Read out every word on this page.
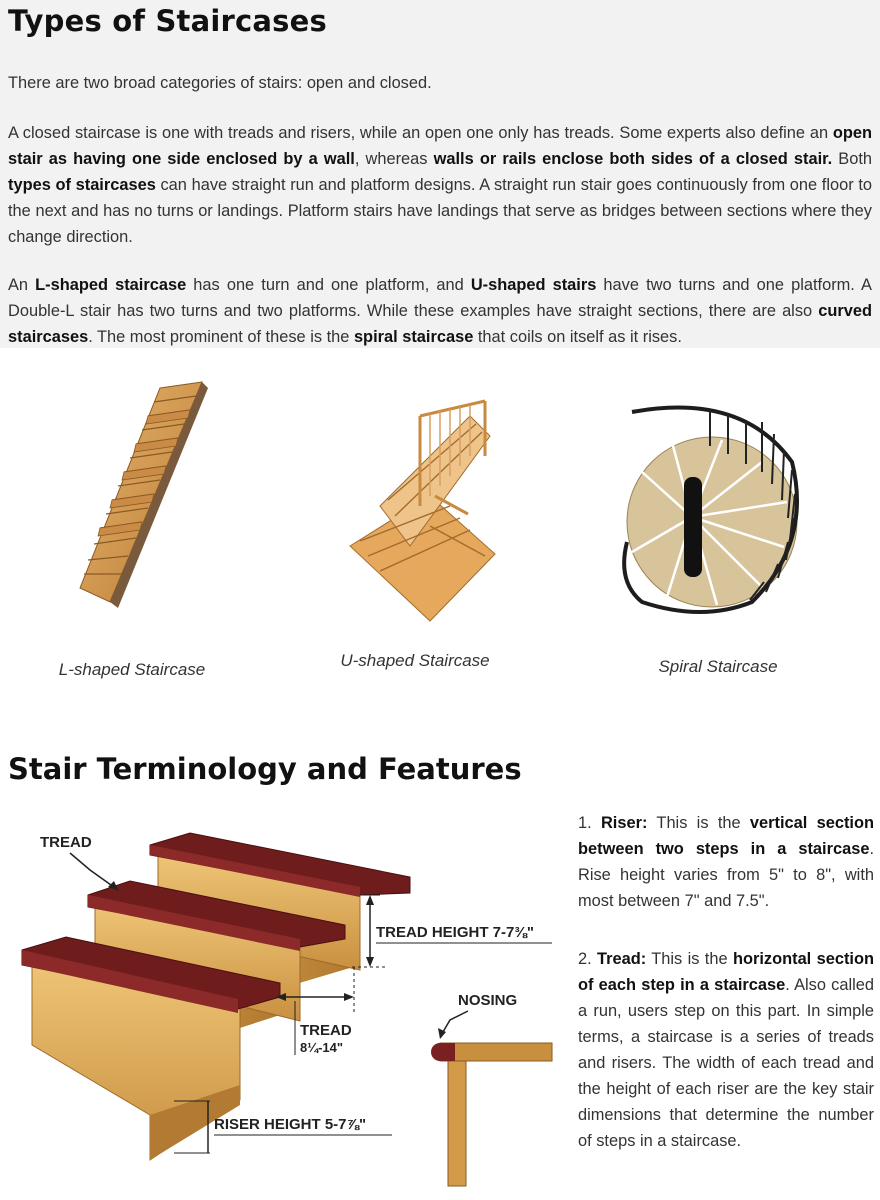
Types of Staircases

There are two broad categories of stairs: open and closed.

A closed staircase is one with treads and risers, while an open one only has treads. Some experts also define an open stair as having one side enclosed by a wall, whereas walls or rails enclose both sides of a closed stair. Both types of staircases can have straight run and platform designs. A straight run stair goes continuously from one floor to the next and has no turns or landings. Platform stairs have landings that serve as bridges between sections where they change direction.

An L-shaped staircase has one turn and one platform, and U-shaped stairs have two turns and one platform. A Double-L stair has two turns and two platforms. While these examples have straight sections, there are also curved staircases. The most prominent of these is the spiral staircase that coils on itself as it rises.

L-shaped Staircase	U-shaped Staircase	Spiral Staircase
Stair Terminology and Features
TREAD
TREAD HEIGHT 7-7⅜"
TREAD
8¼-14"
RISER HEIGHT 5-7⅞"
NOSING

1. Riser: This is the vertical section between two steps in a staircase. Rise height varies from 5" to 8", with most between 7" and 7.5".

2. Tread: This is the horizontal section of each step in a staircase. Also called a run, users step on this part. In simple terms, a staircase is a series of treads and risers. The width of each tread and the height of each riser are the key stair dimensions that determine the number of steps in a staircase.
